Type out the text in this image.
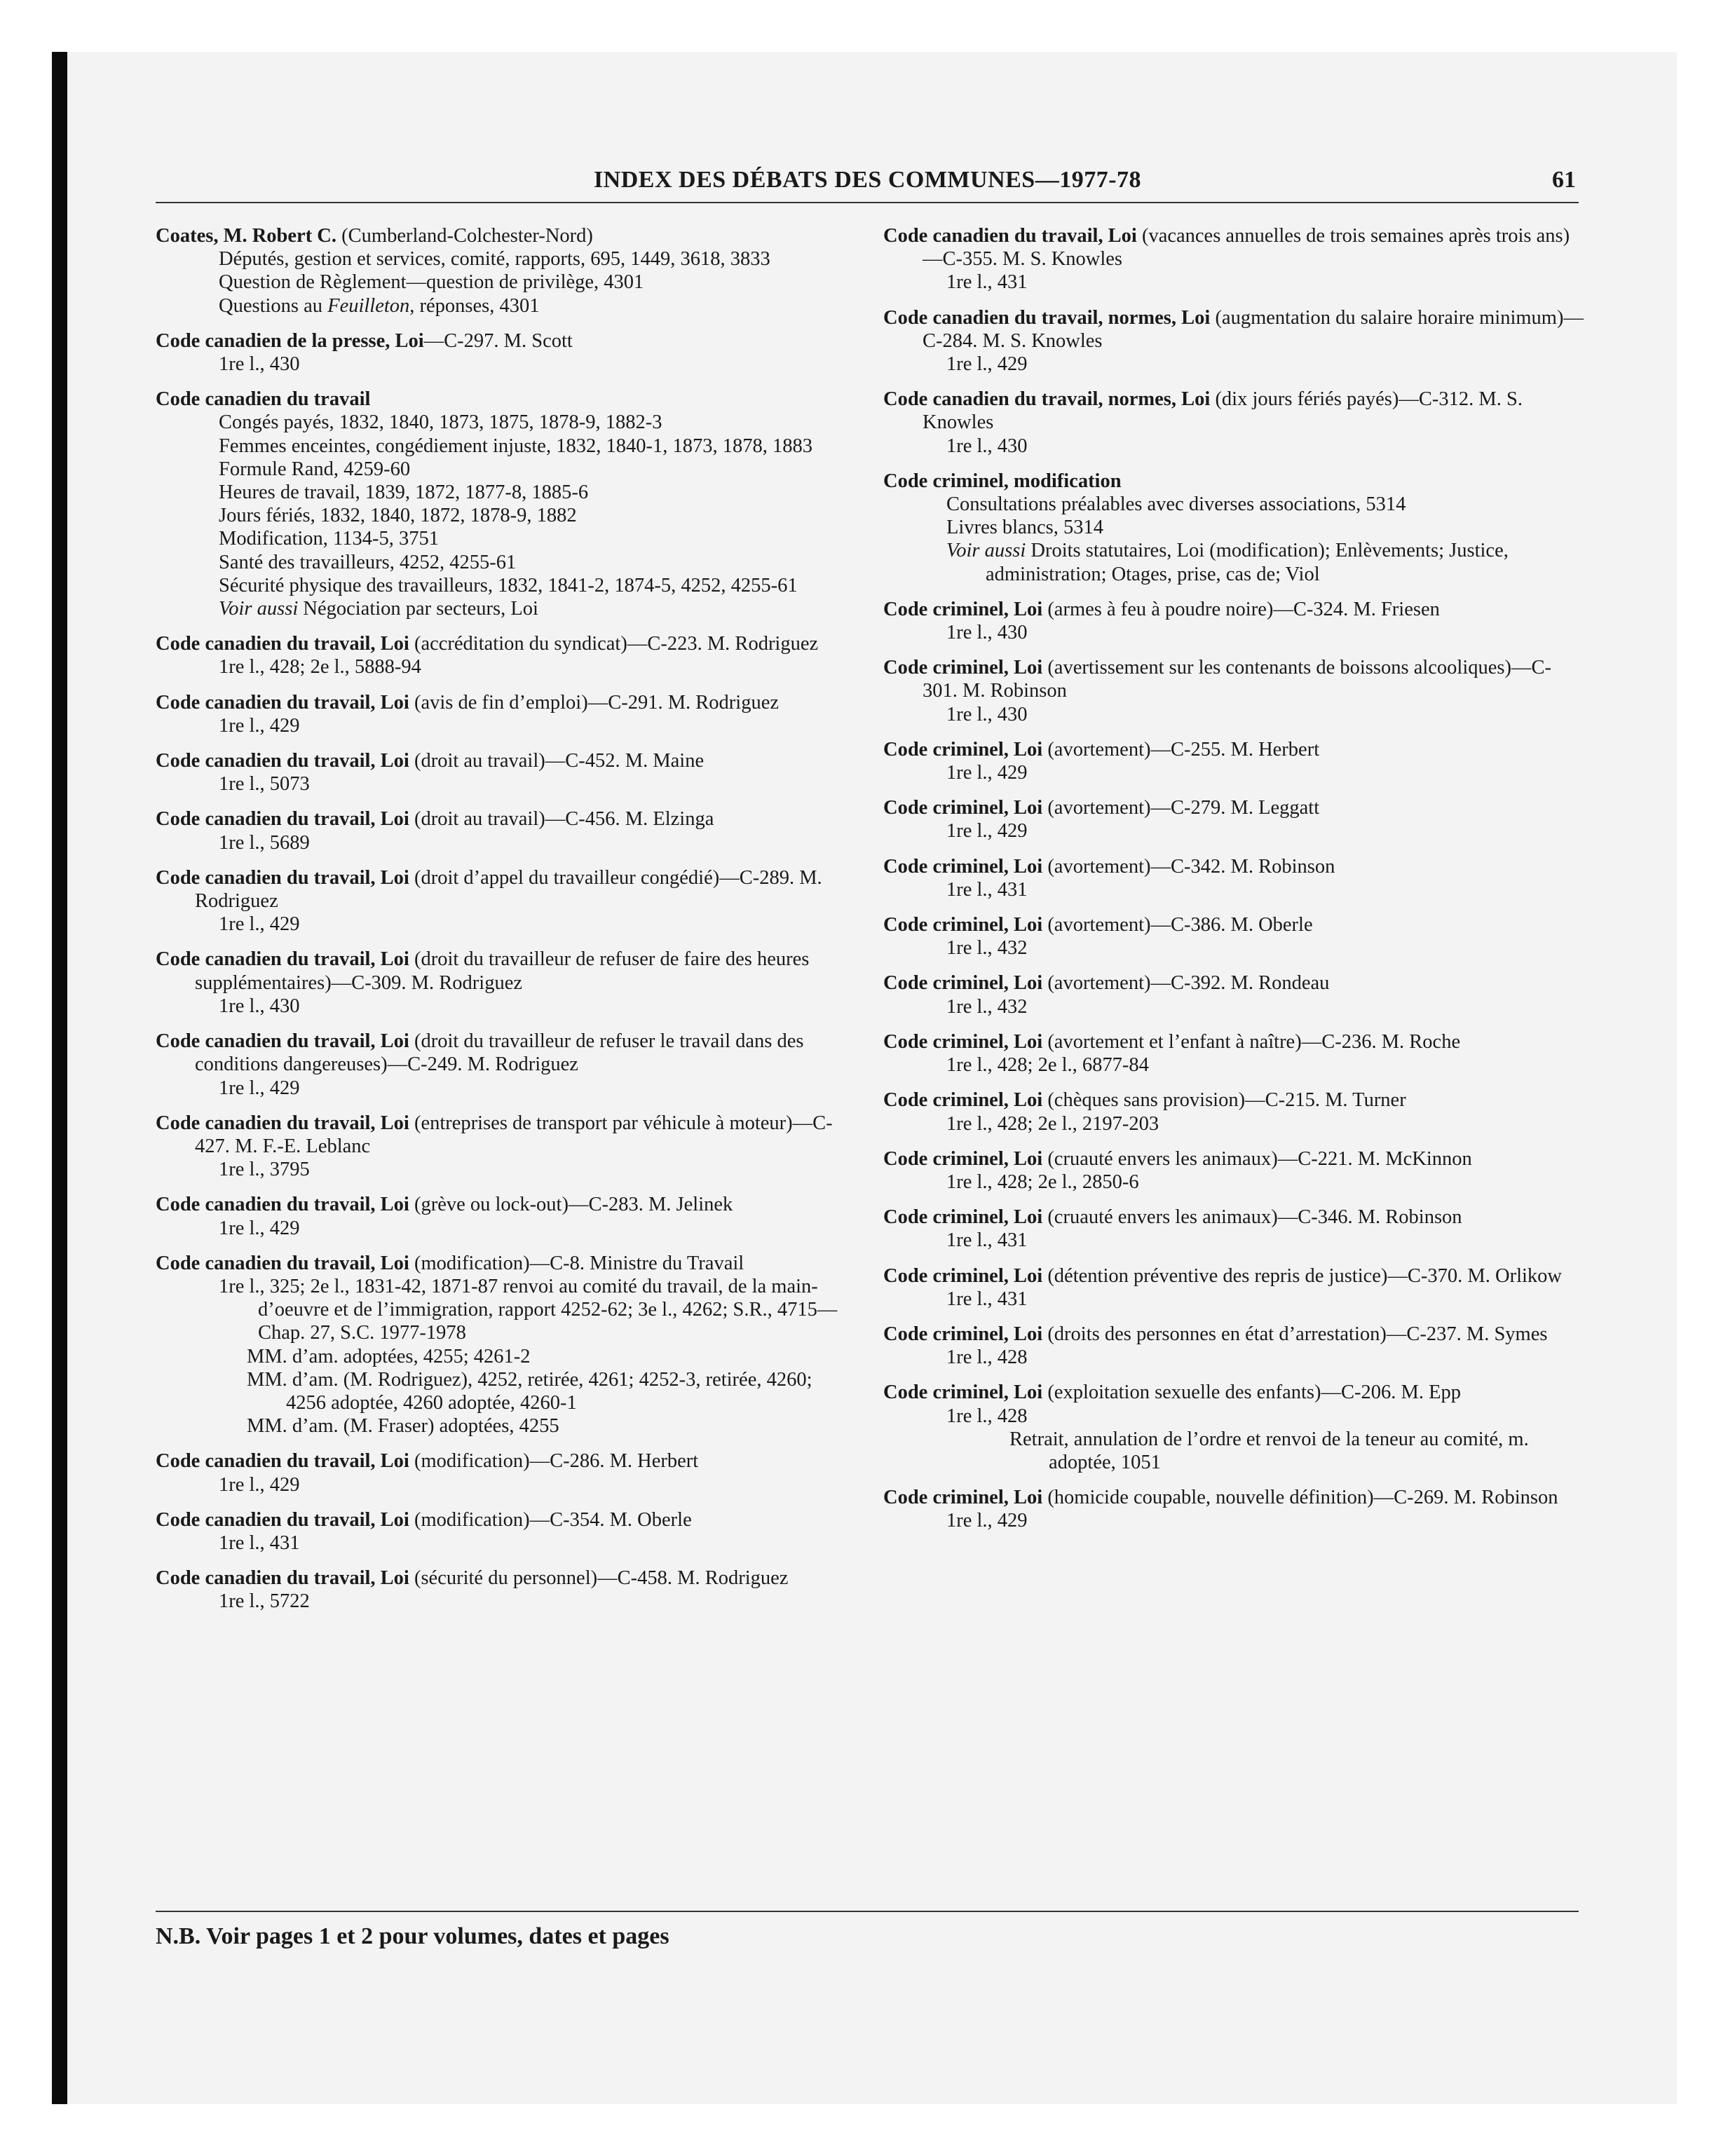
INDEX DES DÉBATS DES COMMUNES—1977-78	61
Coates, M. Robert C. (Cumberland-Colchester-Nord)
Députés, gestion et services, comité, rapports, 695, 1449, 3618, 3833
Question de Règlement—question de privilège, 4301
Questions au Feuilleton, réponses, 4301
Code canadien de la presse, Loi—C-297. M. Scott
1re l., 430
Code canadien du travail
Congés payés, 1832, 1840, 1873, 1875, 1878-9, 1882-3
Femmes enceintes, congédiement injuste, 1832, 1840-1, 1873, 1878, 1883
Formule Rand, 4259-60
Heures de travail, 1839, 1872, 1877-8, 1885-6
Jours fériés, 1832, 1840, 1872, 1878-9, 1882
Modification, 1134-5, 3751
Santé des travailleurs, 4252, 4255-61
Sécurité physique des travailleurs, 1832, 1841-2, 1874-5, 4252, 4255-61
Voir aussi Négociation par secteurs, Loi
Code canadien du travail, Loi (accréditation du syndicat)—C-223. M. Rodriguez
1re l., 428; 2e l., 5888-94
Code canadien du travail, Loi (avis de fin d’emploi)—C-291. M. Rodriguez
1re l., 429
Code canadien du travail, Loi (droit au travail)—C-452. M. Maine
1re l., 5073
Code canadien du travail, Loi (droit au travail)—C-456. M. Elzinga
1re l., 5689
Code canadien du travail, Loi (droit d’appel du travailleur congédié)—C-289. M. Rodriguez
1re l., 429
Code canadien du travail, Loi (droit du travailleur de refuser de faire des heures supplémentaires)—C-309. M. Rodriguez
1re l., 430
Code canadien du travail, Loi (droit du travailleur de refuser le travail dans des conditions dangereuses)—C-249. M. Rodriguez
1re l., 429
Code canadien du travail, Loi (entreprises de transport par véhicule à moteur)—C-427. M. F.-E. Leblanc
1re l., 3795
Code canadien du travail, Loi (grève ou lock-out)—C-283. M. Jelinek
1re l., 429
Code canadien du travail, Loi (modification)—C-8. Ministre du Travail
1re l., 325; 2e l., 1831-42, 1871-87 renvoi au comité du travail, de la main-d’oeuvre et de l’immigration, rapport 4252-62; 3e l., 4262; S.R., 4715—Chap. 27, S.C. 1977-1978
MM. d’am. adoptées, 4255; 4261-2
MM. d’am. (M. Rodriguez), 4252, retirée, 4261; 4252-3, retirée, 4260; 4256 adoptée, 4260 adoptée, 4260-1
MM. d’am. (M. Fraser) adoptées, 4255
Code canadien du travail, Loi (modification)—C-286. M. Herbert
1re l., 429
Code canadien du travail, Loi (modification)—C-354. M. Oberle
1re l., 431
Code canadien du travail, Loi (sécurité du personnel)—C-458. M. Rodriguez
1re l., 5722
Code canadien du travail, Loi (vacances annuelles de trois semaines après trois ans)—C-355. M. S. Knowles
1re l., 431
Code canadien du travail, normes, Loi (augmentation du salaire horaire minimum)—C-284. M. S. Knowles
1re l., 429
Code canadien du travail, normes, Loi (dix jours fériés payés)—C-312. M. S. Knowles
1re l., 430
Code criminel, modification
Consultations préalables avec diverses associations, 5314
Livres blancs, 5314
Voir aussi Droits statutaires, Loi (modification); Enlèvements; Justice, administration; Otages, prise, cas de; Viol
Code criminel, Loi (armes à feu à poudre noire)—C-324. M. Friesen
1re l., 430
Code criminel, Loi (avertissement sur les contenants de boissons alcooliques)—C-301. M. Robinson
1re l., 430
Code criminel, Loi (avortement)—C-255. M. Herbert
1re l., 429
Code criminel, Loi (avortement)—C-279. M. Leggatt
1re l., 429
Code criminel, Loi (avortement)—C-342. M. Robinson
1re l., 431
Code criminel, Loi (avortement)—C-386. M. Oberle
1re l., 432
Code criminel, Loi (avortement)—C-392. M. Rondeau
1re l., 432
Code criminel, Loi (avortement et l’enfant à naître)—C-236. M. Roche
1re l., 428; 2e l., 6877-84
Code criminel, Loi (chèques sans provision)—C-215. M. Turner
1re l., 428; 2e l., 2197-203
Code criminel, Loi (cruauté envers les animaux)—C-221. M. McKinnon
1re l., 428; 2e l., 2850-6
Code criminel, Loi (cruauté envers les animaux)—C-346. M. Robinson
1re l., 431
Code criminel, Loi (détention préventive des repris de justice)—C-370. M. Orlikow
1re l., 431
Code criminel, Loi (droits des personnes en état d’arrestation)—C-237. M. Symes
1re l., 428
Code criminel, Loi (exploitation sexuelle des enfants)—C-206. M. Epp
1re l., 428
Retrait, annulation de l’ordre et renvoi de la teneur au comité, m. adoptée, 1051
Code criminel, Loi (homicide coupable, nouvelle définition)—C-269. M. Robinson
1re l., 429
N.B. Voir pages 1 et 2 pour volumes, dates et pages
